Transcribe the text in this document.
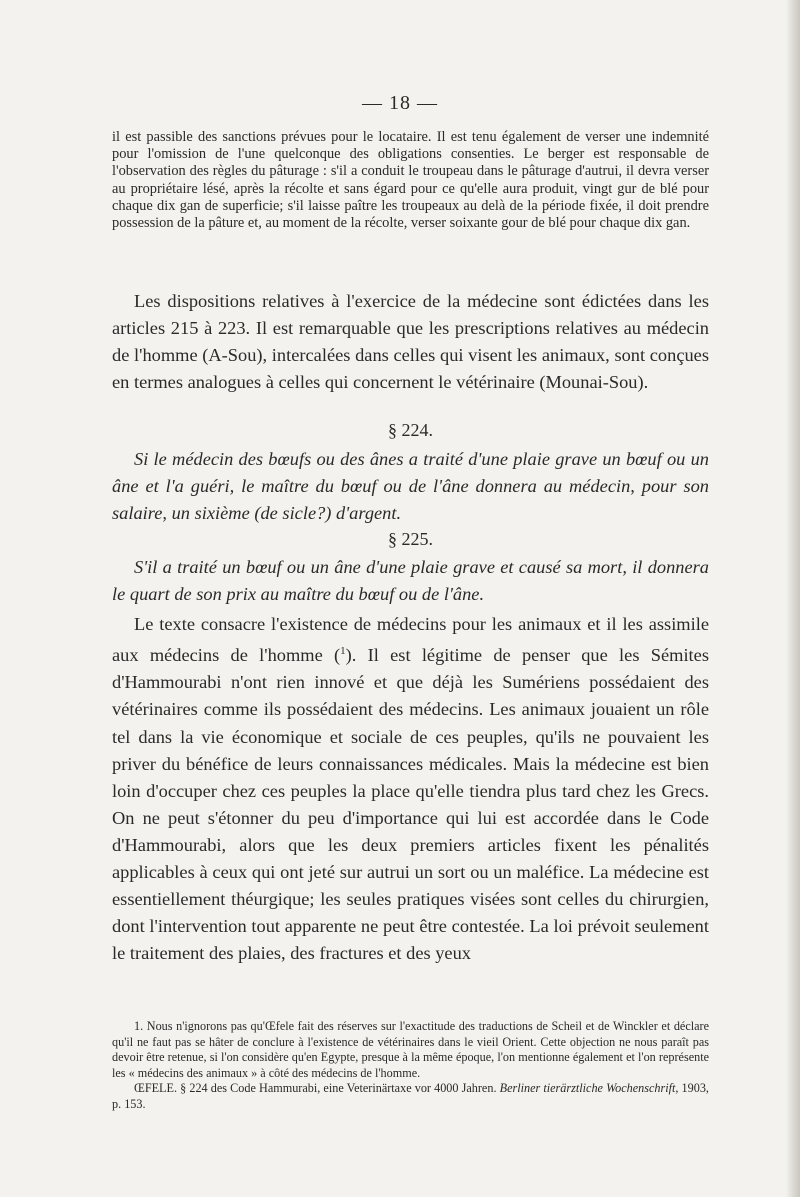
— 18 —

il est passible des sanctions prévues pour le locataire. Il est tenu également de verser une indemnité pour l'omission de l'une quelconque des obligations consenties. Le berger est responsable de l'observation des règles du pâturage : s'il a conduit le troupeau dans le pâturage d'autrui, il devra verser au propriétaire lésé, après la récolte et sans égard pour ce qu'elle aura produit, vingt gur de blé pour chaque dix gan de superficie; s'il laisse paître les troupeaux au delà de la période fixée, il doit prendre possession de la pâture et, au moment de la récolte, verser soixante gour de blé pour chaque dix gan.

Les dispositions relatives à l'exercice de la médecine sont édictées dans les articles 215 à 223. Il est remarquable que les prescriptions relatives au médecin de l'homme (A-Sou), intercalées dans celles qui visent les animaux, sont conçues en termes analogues à celles qui concernent le vétérinaire (Mounai-Sou).

§ 224.

Si le médecin des bœufs ou des ânes a traité d'une plaie grave un bœuf ou un âne et l'a guéri, le maître du bœuf ou de l'âne donnera au médecin, pour son salaire, un sixième (de sicle?) d'argent.

§ 225.

S'il a traité un bœuf ou un âne d'une plaie grave et causé sa mort, il donnera le quart de son prix au maître du bœuf ou de l'âne.

Le texte consacre l'existence de médecins pour les animaux et il les assimile aux médecins de l'homme ($^1$). Il est légitime de penser que les Sémites d'Hammourabi n'ont rien innové et que déjà les Sumériens possédaient des vétérinaires comme ils possédaient des médecins. Les animaux jouaient un rôle tel dans la vie économique et sociale de ces peuples, qu'ils ne pouvaient les priver du bénéfice de leurs connaissances médicales. Mais la médecine est bien loin d'occuper chez ces peuples la place qu'elle tiendra plus tard chez les Grecs. On ne peut s'étonner du peu d'importance qui lui est accordée dans le Code d'Hammourabi, alors que les deux premiers articles fixent les pénalités applicables à ceux qui ont jeté sur autrui un sort ou un maléfice. La médecine est essentiellement théurgique; les seules pratiques visées sont celles du chirurgien, dont l'intervention tout apparente ne peut être contestée. La loi prévoit seulement le traitement des plaies, des fractures et des yeux

1. Nous n'ignorons pas qu'Œfele fait des réserves sur l'exactitude des traductions de Scheil et de Winckler et déclare qu'il ne faut pas se hâter de conclure à l'existence de vétérinaires dans le vieil Orient. Cette objection ne nous paraît pas devoir être retenue, si l'on considère qu'en Egypte, presque à la même époque, l'on mentionne également et l'on représente les « médecins des animaux » à côté des médecins de l'homme.

ŒFELE. § 224 des Code Hammurabi, eine Veterinärtaxe vor 4000 Jahren. Berliner tierärztliche Wochenschrift, 1903, p. 153.
